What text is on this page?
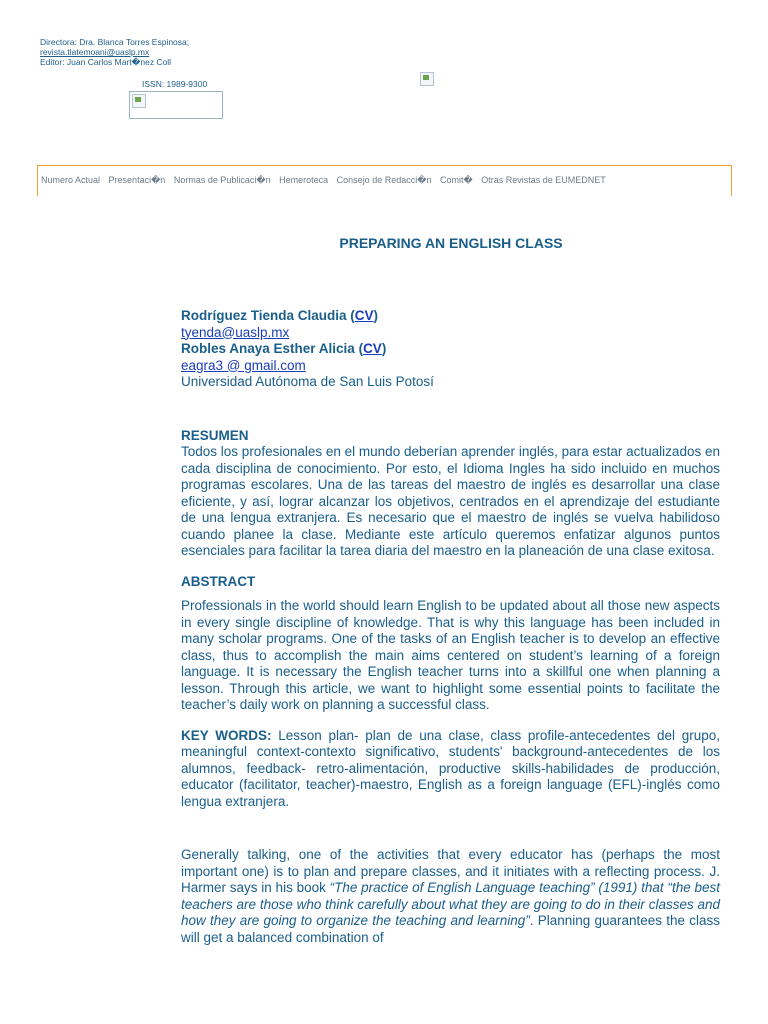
Directora: Dra. Blanca Torres Espinosa;
revista.tlatemoani@uaslp.mx
Editor: Juan Carlos Mart�nez Coll
ISSN: 1989-9300
Numero Actual Presentaci�n Normas de Publicaci�n Hemeroteca Consejo de Redacci�n Comit� Otras Revistas de EUMEDNET
PREPARING AN ENGLISH CLASS

Rodríguez Tienda Claudia (CV)

tyenda@uaslp.mx

Robles Anaya Esther Alicia (CV)

eagra3 @ gmail.com

Universidad Autónoma de San Luis Potosí

RESUMEN

Todos los profesionales en el mundo deberían aprender inglés, para estar actualizados en cada disciplina de conocimiento. Por esto, el Idioma Ingles ha sido incluido en muchos programas escolares. Una de las tareas del maestro de inglés es desarrollar una clase eficiente, y así, lograr alcanzar los objetivos, centrados en el aprendizaje del estudiante de una lengua extranjera. Es necesario que el maestro de inglés se vuelva habilidoso cuando planee la clase. Mediante este artículo queremos enfatizar algunos puntos esenciales para facilitar la tarea diaria del maestro en la planeación de una clase exitosa.

ABSTRACT

Professionals in the world should learn English to be updated about all those new aspects in every single discipline of knowledge. That is why this language has been included in many scholar programs. One of the tasks of an English teacher is to develop an effective class, thus to accomplish the main aims centered on student’s learning of a foreign language. It is necessary the English teacher turns into a skillful one when planning a lesson. Through this article, we want to highlight some essential points to facilitate the teacher’s daily work on planning a successful class.

KEY WORDS: Lesson plan- plan de una clase, class profile-antecedentes del grupo, meaningful context-contexto significativo, students' background-antecedentes de los alumnos, feedback- retro-alimentación, productive skills-habilidades de producción, educator (facilitator, teacher)-maestro, English as a foreign language (EFL)-inglés como lengua extranjera.

Generally talking, one of the activities that every educator has (perhaps the most important one) is to plan and prepare classes, and it initiates with a reflecting process. J. Harmer says in his book “The practice of English Language teaching” (1991) that “the best teachers are those who think carefully about what they are going to do in their classes and how they are going to organize the teaching and learning”. Planning guarantees the class will get a balanced combination of
